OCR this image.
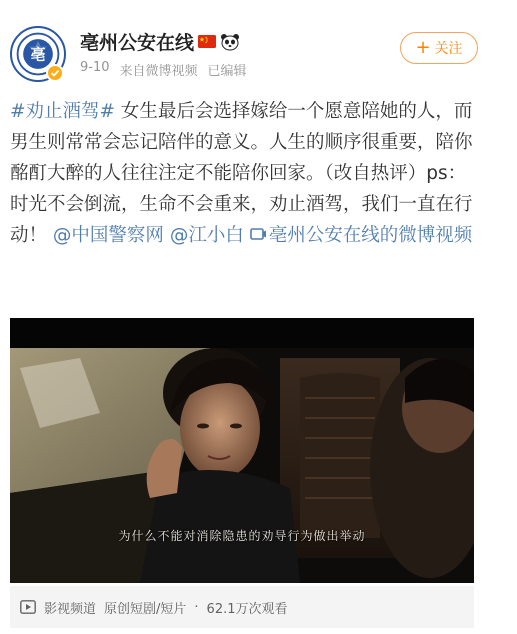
亳
亳州公安在线
9-10 来自微博视频 已编辑
+ 关注
#劝止酒驾# 女生最后会选择嫁给一个愿意陪她的人，而男生则常常会忘记陪伴的意义。人生的顺序很重要，陪你酩酊大醉的人往往注定不能陪你回家。（改自热评）ps：时光不会倒流，生命不会重来，劝止酒驾，我们一直在行动！ @中国警察网 @江小白 亳州公安在线的微博视频
为什么不能对消除隐患的劝导行为做出举动
影视频道 原创短剧/短片 · 62.1万次观看
